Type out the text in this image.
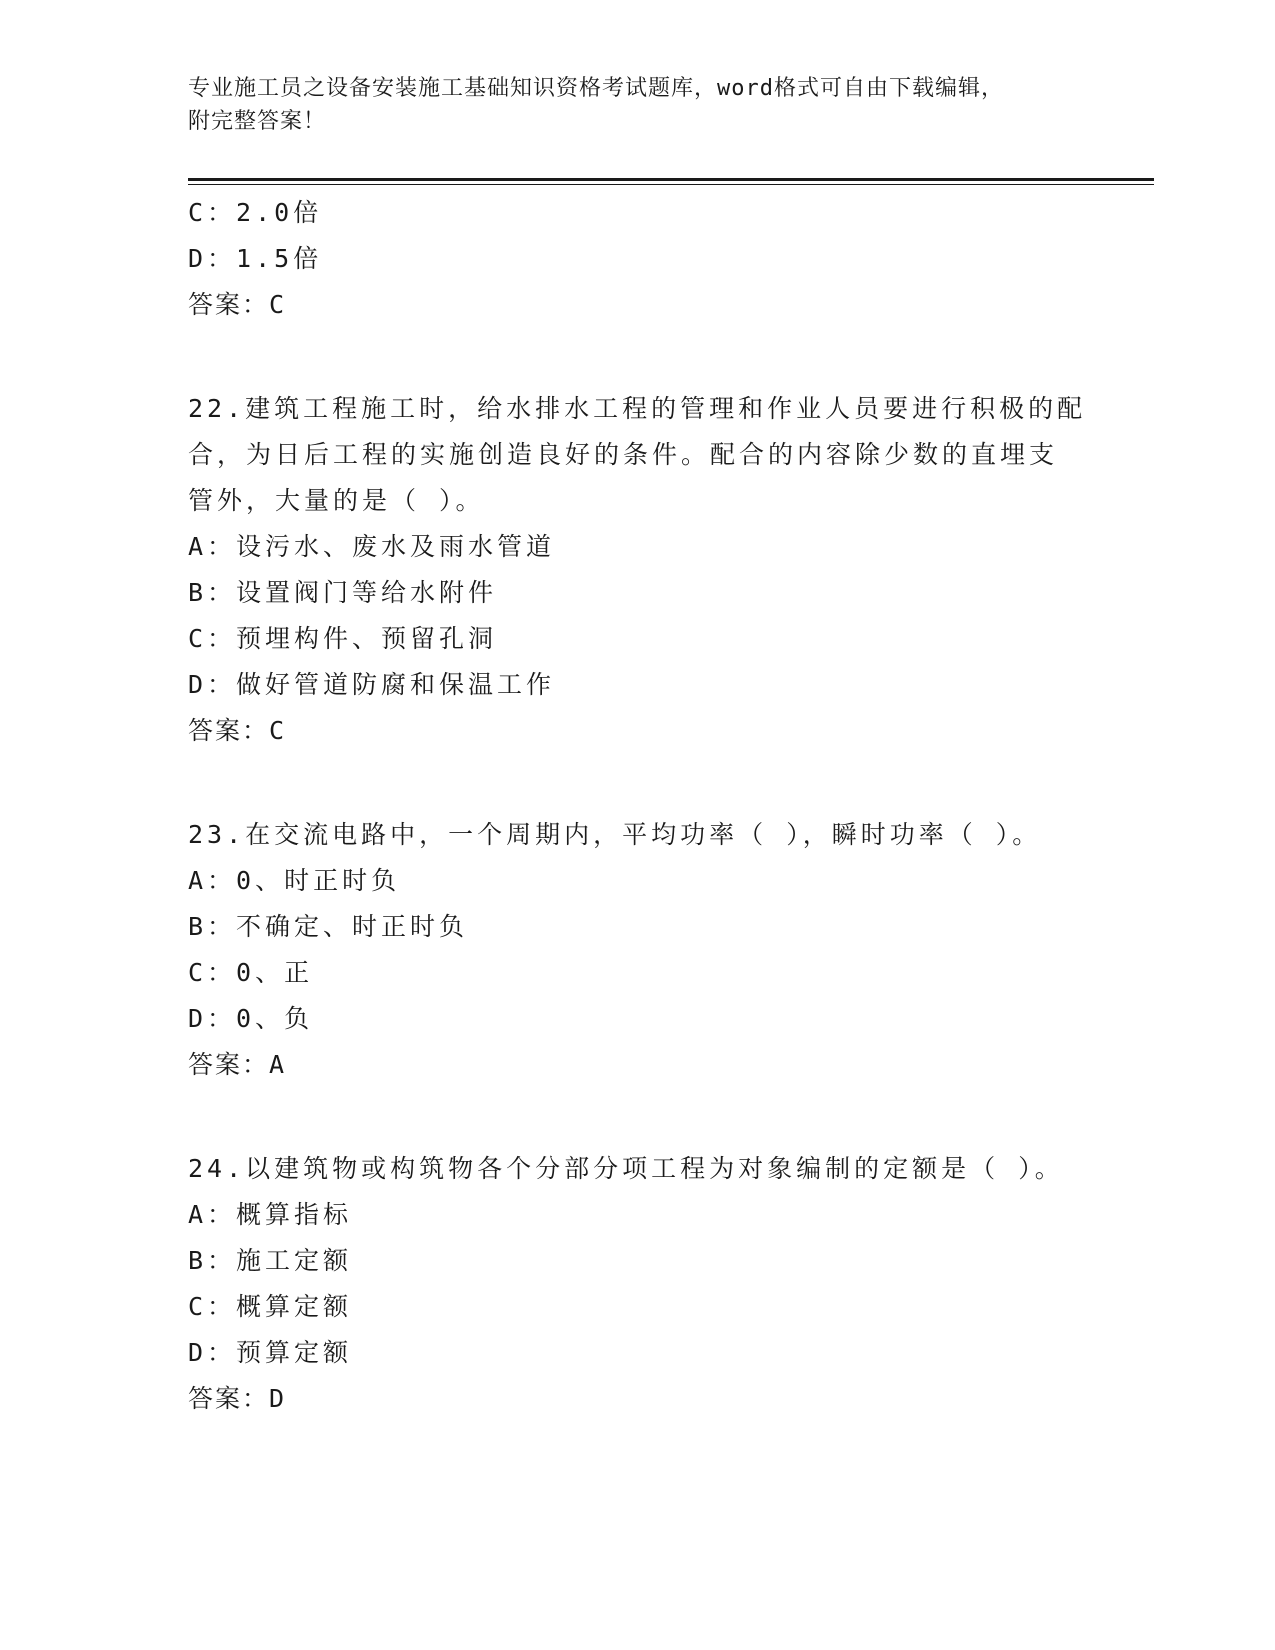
专业施工员之设备安装施工基础知识资格考试题库，word格式可自由下载编辑，
附完整答案！
C：2.0倍
D：1.5倍
答案：C
22.建筑工程施工时，给水排水工程的管理和作业人员要进行积极的配
合，为日后工程的实施创造良好的条件。配合的内容除少数的直埋支
管外，大量的是（ ）。
A：设污水、废水及雨水管道
B：设置阀门等给水附件
C：预埋构件、预留孔洞
D：做好管道防腐和保温工作
答案：C
23.在交流电路中，一个周期内，平均功率（ ），瞬时功率（ ）。
A：0、时正时负
B：不确定、时正时负
C：0、正
D：0、负
答案：A
24.以建筑物或构筑物各个分部分项工程为对象编制的定额是（ ）。
A：概算指标
B：施工定额
C：概算定额
D：预算定额
答案：D
